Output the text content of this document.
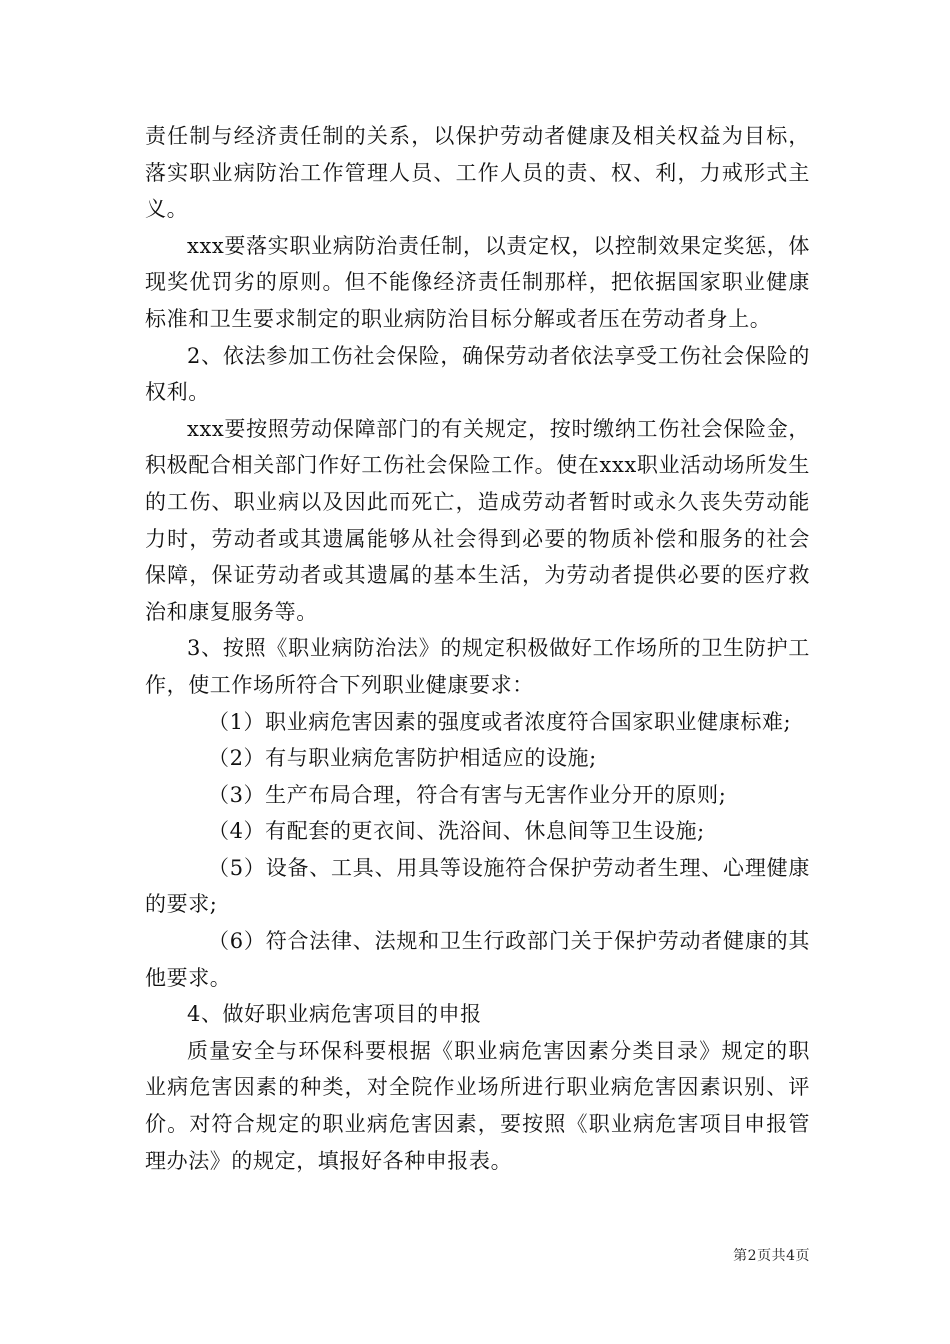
责任制与经济责任制的关系，以保护劳动者健康及相关权益为目标，落实职业病防治工作管理人员、工作人员的责、权、利，力戒形式主义。

xxx要落实职业病防治责任制，以责定权，以控制效果定奖惩，体现奖优罚劣的原则。但不能像经济责任制那样，把依据国家职业健康标准和卫生要求制定的职业病防治目标分解或者压在劳动者身上。

2、依法参加工伤社会保险，确保劳动者依法享受工伤社会保险的权利。

xxx要按照劳动保障部门的有关规定，按时缴纳工伤社会保险金，积极配合相关部门作好工伤社会保险工作。使在xxx职业活动场所发生的工伤、职业病以及因此而死亡，造成劳动者暂时或永久丧失劳动能力时，劳动者或其遗属能够从社会得到必要的物质补偿和服务的社会保障，保证劳动者或其遗属的基本生活，为劳动者提供必要的医疗救治和康复服务等。

3、按照《职业病防治法》的规定积极做好工作场所的卫生防护工作，使工作场所符合下列职业健康要求：

（1）职业病危害因素的强度或者浓度符合国家职业健康标难;

（2）有与职业病危害防护相适应的设施;

（3）生产布局合理，符合有害与无害作业分开的原则;

（4）有配套的更衣间、洗浴间、休息间等卫生设施;

（5）设备、工具、用具等设施符合保护劳动者生理、心理健康的要求;

（6）符合法律、法规和卫生行政部门关于保护劳动者健康的其他要求。

4、做好职业病危害项目的申报

质量安全与环保科要根据《职业病危害因素分类目录》规定的职业病危害因素的种类，对全院作业场所进行职业病危害因素识别、评价。对符合规定的职业病危害因素，要按照《职业病危害项目申报管理办法》的规定，填报好各种申报表。

第2页共4页
